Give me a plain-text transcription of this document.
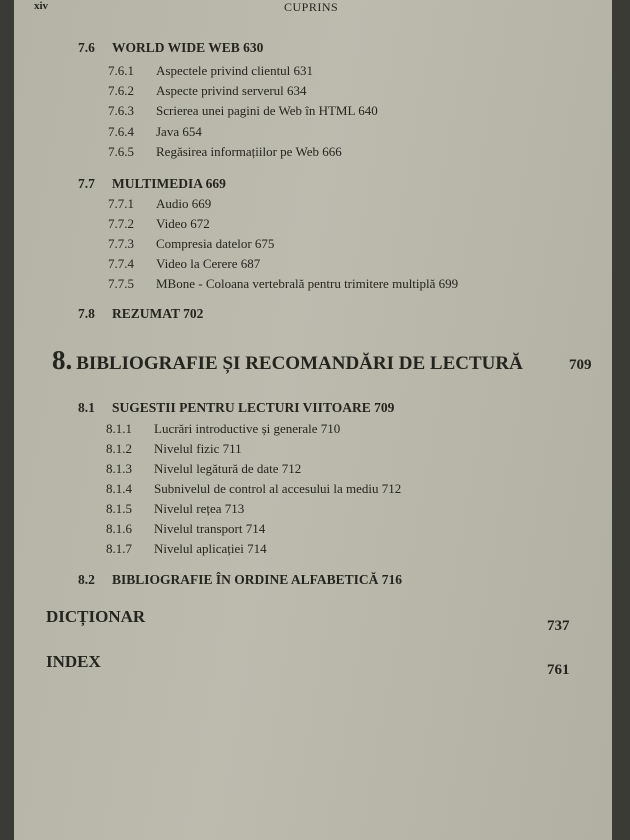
xiv	CUPRINS
7.6 WORLD WIDE WEB 630
7.6.1 Aspectele privind clientul 631
7.6.2 Aspecte privind serverul 634
7.6.3 Scrierea unei pagini de Web în HTML 640
7.6.4 Java 654
7.6.5 Regăsirea informațiilor pe Web 666
7.7 MULTIMEDIA 669
7.7.1 Audio 669
7.7.2 Video 672
7.7.3 Compresia datelor 675
7.7.4 Video la Cerere 687
7.7.5 MBone - Coloana vertebrală pentru trimitere multiplă 699
7.8 REZUMAT 702
8. BIBLIOGRAFIE ȘI RECOMANDĂRI DE LECTURĂ	709
8.1 SUGESTII PENTRU LECTURI VIITOARE 709
8.1.1 Lucrări introductive și generale 710
8.1.2 Nivelul fizic 711
8.1.3 Nivelul legătură de date 712
8.1.4 Subnivelul de control al accesului la mediu 712
8.1.5 Nivelul rețea 713
8.1.6 Nivelul transport 714
8.1.7 Nivelul aplicației 714
8.2 BIBLIOGRAFIE ÎN ORDINE ALFABETICĂ 716
DICȚIONAR	737
INDEX	761
